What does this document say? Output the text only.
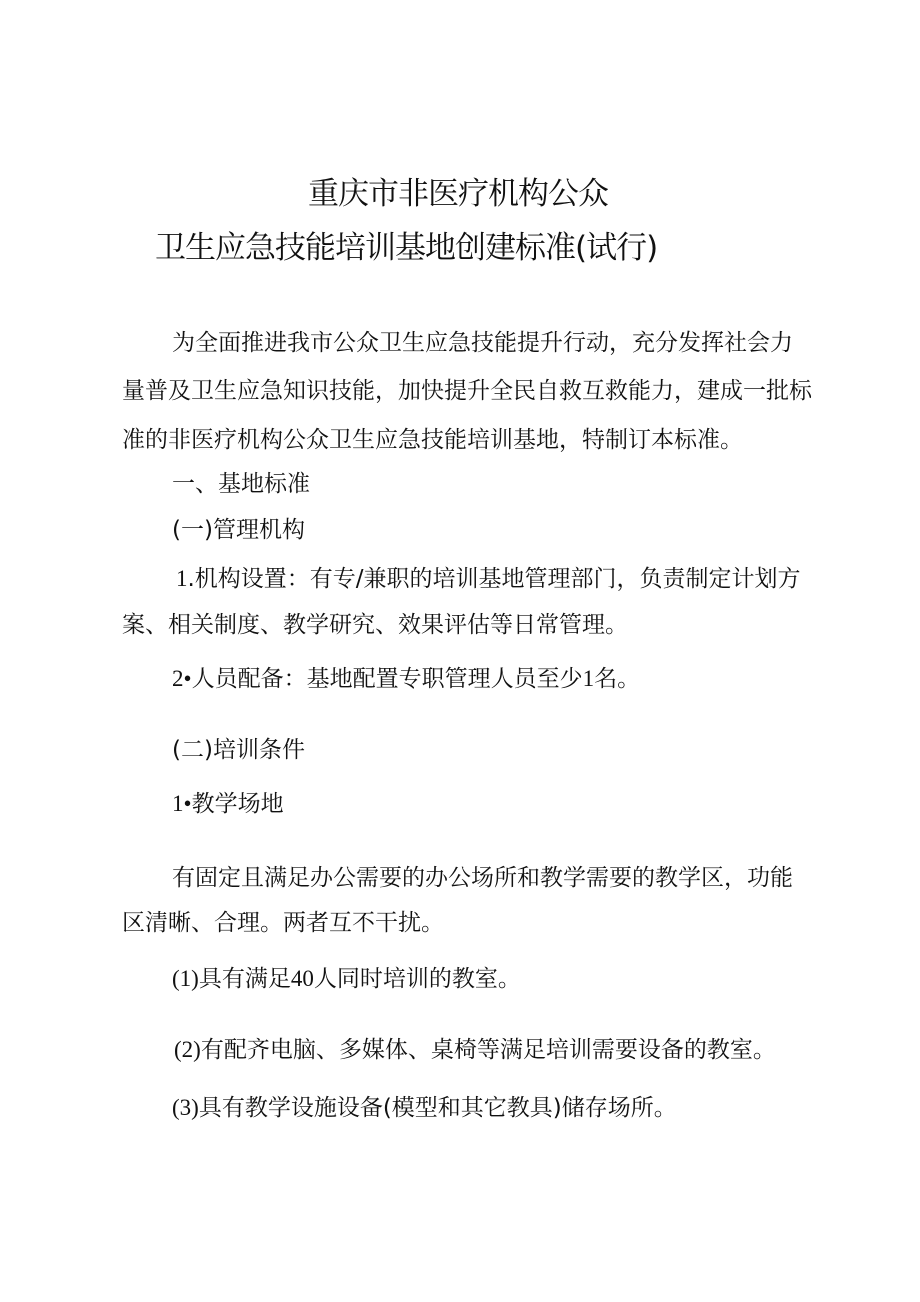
重庆市非医疗机构公众
卫生应急技能培训基地创建标准(试行)
为全面推进我市公众卫生应急技能提升行动，充分发挥社会力
量普及卫生应急知识技能，加快提升全民自救互救能力，建成一批标
准的非医疗机构公众卫生应急技能培训基地，特制订本标准。
一、基地标准
(一)管理机构
1.机构设置：有专/兼职的培训基地管理部门，负责制定计划方
案、相关制度、教学研究、效果评估等日常管理。
2•人员配备：基地配置专职管理人员至少1名。
(二)培训条件
1•教学场地
有固定且满足办公需要的办公场所和教学需要的教学区，功能
区清晰、合理。两者互不干扰。
(1)具有满足40人同时培训的教室。
(2)有配齐电脑、多媒体、桌椅等满足培训需要设备的教室。
(3)具有教学设施设备(模型和其它教具)储存场所。
